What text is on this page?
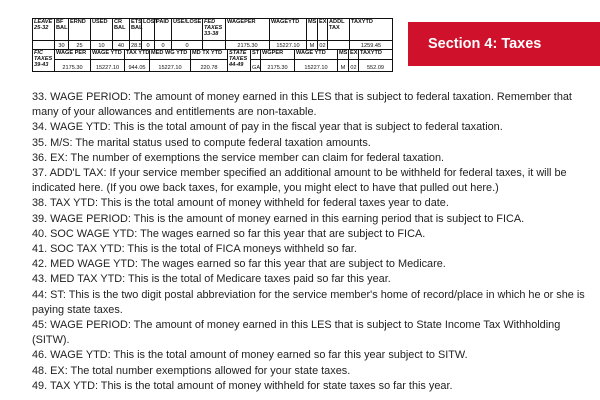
LEAVE 25-32	BF BAL	ERND	USED	CR BAL	ETS BAL	LOST	PAID	USE/LOSE	FED TAXES 33-38	WAGEPER	WAGEYTD	MS	EX	ADDL TAX	TAXYTD
	30	25	10	40	28.5	0	0	0		2175.30	15227.10	M	02		1259.45
FIC TAXES 39-43	WAGE PER	WAGE YTD	TAX YTD	MED WG YTD	MD TX YTD	STATE TAXES 44-49	ST	WGPER	WAGE YTD	MS	EX	TAXYTD
	2175.30	15227.10	944.05	15227.10	220.78		GA	2175.30	15227.10	M	02	552.09
Section 4: Taxes
33. WAGE PERIOD: The amount of money earned in this LES that is subject to federal taxation. Remember that many of your allowances and entitlements are non-taxable.
34. WAGE YTD: This is the total amount of pay in the fiscal year that is subject to federal taxation.
35. M/S: The marital status used to compute federal taxation amounts.
36. EX: The number of exemptions the service member can claim for federal taxation.
37. ADD'L TAX: If your service member specified an additional amount to be withheld for federal taxes, it will be indicated here. (If you owe back taxes, for example, you might elect to have that pulled out here.)
38. TAX YTD: This is the total amount of money withheld for federal taxes year to date.
39. WAGE PERIOD: This is the amount of money earned in this earning period that is subject to FICA.
40. SOC WAGE YTD: The wages earned so far this year that are subject to FICA.
41. SOC TAX YTD: This is the total of FICA moneys withheld so far.
42. MED WAGE YTD: The wages earned so far this year that are subject to Medicare.
43. MED TAX YTD: This is the total of Medicare taxes paid so far this year.
44: ST: This is the two digit postal abbreviation for the service member's home of record/place in which he or she is paying state taxes.
45: WAGE PERIOD: The amount of money earned in this LES that is subject to State Income Tax Withholding (SITW).
46. WAGE YTD: This is the total amount of money earned so far this year subject to SITW.
48. EX: The total number exemptions allowed for your state taxes.
49. TAX YTD: This is the total amount of money withheld for state taxes so far this year.
